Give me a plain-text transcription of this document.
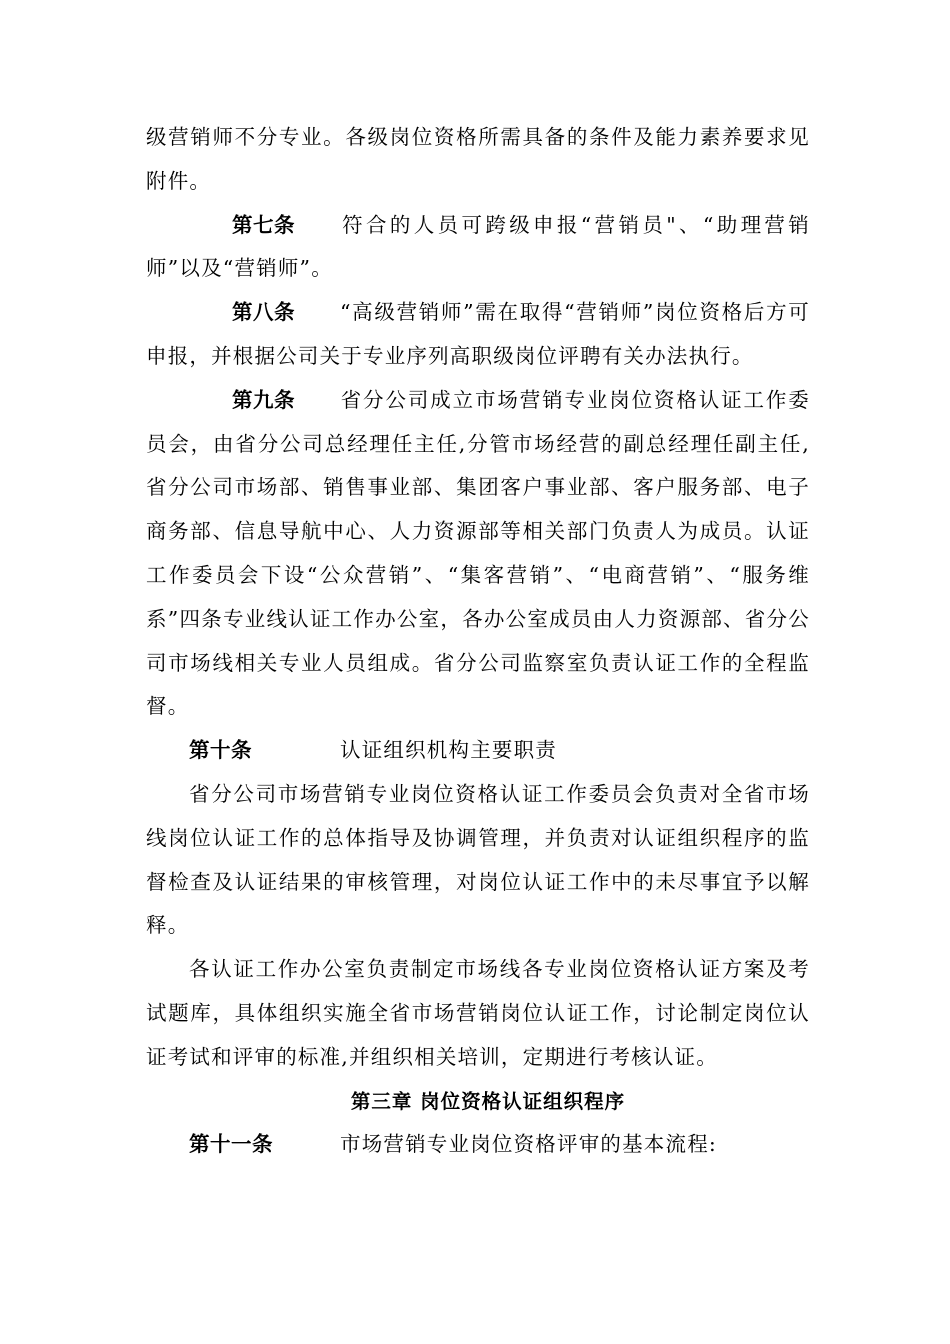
级营销师不分专业。各级岗位资格所需具备的条件及能力素养要求见附件。

第七条 符合的人员可跨级申报“营销员"、“助理营销师”以及“营销师”。

第八条 “高级营销师”需在取得“营销师”岗位资格后方可申报，并根据公司关于专业序列高职级岗位评聘有关办法执行。

第九条 省分公司成立市场营销专业岗位资格认证工作委员会，由省分公司总经理任主任,分管市场经营的副总经理任副主任,省分公司市场部、销售事业部、集团客户事业部、客户服务部、电子商务部、信息导航中心、人力资源部等相关部门负责人为成员。认证工作委员会下设“公众营销”、“集客营销”、“电商营销”、“服务维系”四条专业线认证工作办公室，各办公室成员由人力资源部、省分公司市场线相关专业人员组成。省分公司监察室负责认证工作的全程监督。

第十条	认证组织机构主要职责

省分公司市场营销专业岗位资格认证工作委员会负责对全省市场线岗位认证工作的总体指导及协调管理，并负责对认证组织程序的监督检查及认证结果的审核管理，对岗位认证工作中的未尽事宜予以解释。

各认证工作办公室负责制定市场线各专业岗位资格认证方案及考试题库，具体组织实施全省市场营销岗位认证工作，讨论制定岗位认证考试和评审的标准,并组织相关培训，定期进行考核认证。

第三章 岗位资格认证组织程序

第十一条	市场营销专业岗位资格评审的基本流程:
